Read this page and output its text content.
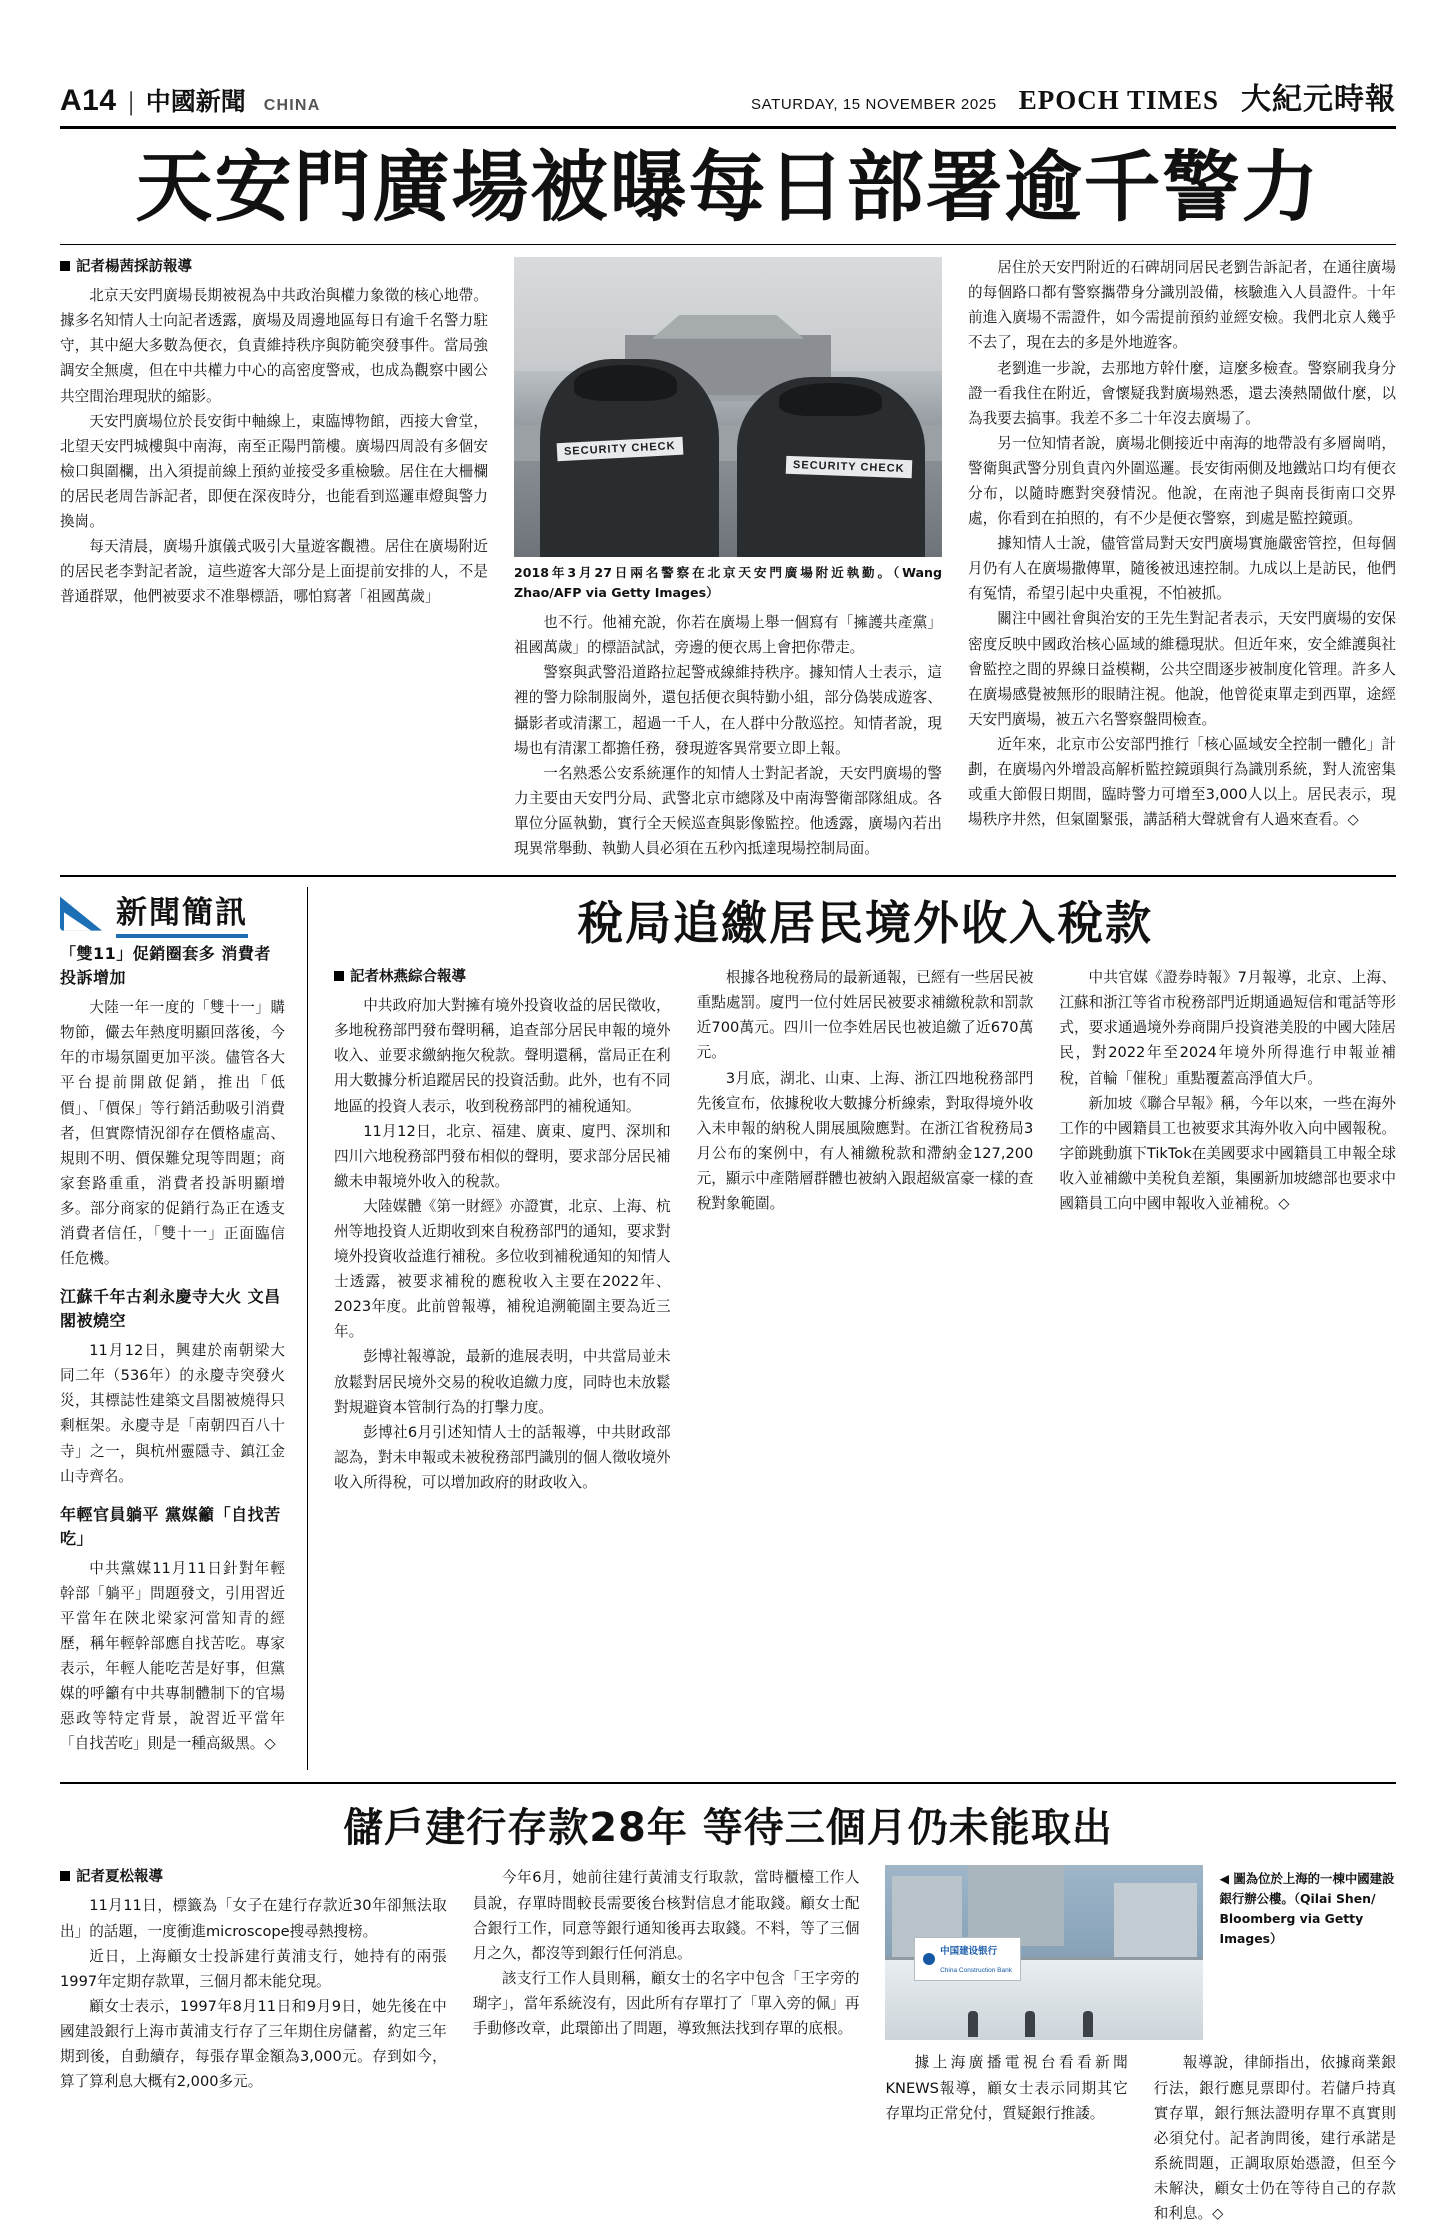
A14 | 中國新聞 CHINA	SATURDAY, 15 NOVEMBER 2025 EPOCH TIMES 大紀元時報
天安門廣場被曝每日部署逾千警力
記者楊茜採訪報導

北京天安門廣場長期被視為中共政治與權力象徵的核心地帶。據多名知情人士向記者透露，廣場及周邊地區每日有逾千名警力駐守，其中絕大多數為便衣，負責維持秩序與防範突發事件。當局強調安全無虞，但在中共權力中心的高密度警戒，也成為觀察中國公共空間治理現狀的縮影。

天安門廣場位於長安街中軸線上，東臨博物館，西接大會堂，北望天安門城樓與中南海，南至正陽門箭樓。廣場四周設有多個安檢口與圍欄，出入須提前線上預約並接受多重檢驗。居住在大柵欄的居民老周告訴記者，即便在深夜時分，也能看到巡邏車燈與警力換崗。

每天清晨，廣場升旗儀式吸引大量遊客觀禮。居住在廣場附近的居民老李對記者說，這些遊客大部分是上面提前安排的人，不是普通群眾，他們被要求不准舉標語，哪怕寫著「祖國萬歲」

SECURITY CHECK
SECURITY CHECK
2018年3月27日兩名警察在北京天安門廣場附近執勤。（Wang Zhao/AFP via Getty Images）

也不行。他補充說，你若在廣場上舉一個寫有「擁護共產黨」祖國萬歲」的標語試試，旁邊的便衣馬上會把你帶走。

警察與武警沿道路拉起警戒線維持秩序。據知情人士表示，這裡的警力除制服崗外，還包括便衣與特勤小組，部分偽裝成遊客、攝影者或清潔工，超過一千人，在人群中分散巡控。知情者說，現場也有清潔工都擔任務，發現遊客異常要立即上報。

一名熟悉公安系統運作的知情人士對記者說，天安門廣場的警力主要由天安門分局、武警北京市總隊及中南海警衛部隊組成。各單位分區執勤，實行全天候巡查與影像監控。他透露，廣場內若出現異常舉動、執勤人員必須在五秒內抵達現場控制局面。

居住於天安門附近的石碑胡同居民老劉告訴記者，在通往廣場的每個路口都有警察攜帶身分識別設備，核驗進入人員證件。十年前進入廣場不需證件，如今需提前預約並經安檢。我們北京人幾乎不去了，現在去的多是外地遊客。

老劉進一步說，去那地方幹什麼，這麼多檢查。警察刷我身分證一看我住在附近，會懷疑我對廣場熟悉，還去湊熱鬧做什麼，以為我要去搞事。我差不多二十年沒去廣場了。

另一位知情者說，廣場北側接近中南海的地帶設有多層崗哨，警衛與武警分別負責內外圍巡邏。長安街兩側及地鐵站口均有便衣分布，以隨時應對突發情況。他說，在南池子與南長街南口交界處，你看到在拍照的，有不少是便衣警察，到處是監控鏡頭。

據知情人士說，儘管當局對天安門廣場實施嚴密管控，但每個月仍有人在廣場撒傳單，隨後被迅速控制。九成以上是訪民，他們有冤情，希望引起中央重視，不怕被抓。

關注中國社會與治安的王先生對記者表示，天安門廣場的安保密度反映中國政治核心區域的維穩現狀。但近年來，安全維護與社會監控之間的界線日益模糊，公共空間逐步被制度化管理。許多人在廣場感覺被無形的眼睛注視。他說，他曾從東單走到西單，途經天安門廣場，被五六名警察盤問檢查。

近年來，北京市公安部門推行「核心區域安全控制一體化」計劃，在廣場內外增設高解析監控鏡頭與行為識別系統，對人流密集或重大節假日期間，臨時警力可增至3,000人以上。居民表示，現場秩序井然，但氣圍緊張，講話稍大聲就會有人過來查看。◇

新聞簡訊
「雙11」促銷圈套多 消費者投訴增加

大陸一年一度的「雙十一」購物節，儼去年熱度明顯回落後，今年的市場氛圍更加平淡。儘管各大平台提前開啟促銷，推出「低價」、「價保」等行銷活動吸引消費者，但實際情況卻存在價格虛高、規則不明、價保難兌現等問題；商家套路重重，消費者投訴明顯增多。部分商家的促銷行為正在透支消費者信任，「雙十一」正面臨信任危機。

江蘇千年古剎永慶寺大火 文昌閣被燒空

11月12日，興建於南朝梁大同二年（536年）的永慶寺突發火災，其標誌性建築文昌閣被燒得只剩框架。永慶寺是「南朝四百八十寺」之一，與杭州靈隱寺、鎮江金山寺齊名。

年輕官員躺平 黨媒籲「自找苦吃」

中共黨媒11月11日針對年輕幹部「躺平」問題發文，引用習近平當年在陝北梁家河當知青的經歷，稱年輕幹部應自找苦吃。專家表示，年輕人能吃苦是好事，但黨媒的呼籲有中共專制體制下的官場惡政等特定背景，說習近平當年「自找苦吃」則是一種高級黑。◇

稅局追繳居民境外收入稅款
記者林燕綜合報導

中共政府加大對擁有境外投資收益的居民徵收，多地稅務部門發布聲明稱，追查部分居民申報的境外收入、並要求繳納拖欠稅款。聲明還稱，當局正在利用大數據分析追蹤居民的投資活動。此外，也有不同地區的投資人表示，收到稅務部門的補稅通知。

11月12日，北京、福建、廣東、廈門、深圳和四川六地稅務部門發布相似的聲明，要求部分居民補繳未申報境外收入的稅款。

大陸媒體《第一財經》亦證實，北京、上海、杭州等地投資人近期收到來自稅務部門的通知，要求對境外投資收益進行補稅。多位收到補稅通知的知情人士透露，被要求補稅的應稅收入主要在2022年、2023年度。此前曾報導，補稅追溯範圍主要為近三年。

彭博社報導說，最新的進展表明，中共當局並未放鬆對居民境外交易的稅收追繳力度，同時也未放鬆對規避資本管制行為的打擊力度。

彭博社6月引述知情人士的話報導，中共財政部認為，對未申報或未被稅務部門識別的個人徵收境外收入所得稅，可以增加政府的財政收入。

根據各地稅務局的最新通報，已經有一些居民被重點處罰。廈門一位付姓居民被要求補繳稅款和罰款近700萬元。四川一位李姓居民也被追繳了近670萬元。

3月底，湖北、山東、上海、浙江四地稅務部門先後宣布，依據稅收大數據分析線索，對取得境外收入未申報的納稅人開展風險應對。在浙江省稅務局3月公布的案例中，有人補繳稅款和滯納金127,200元，顯示中產階層群體也被納入跟超級富豪一樣的查稅對象範圍。

中共官媒《證券時報》7月報導，北京、上海、江蘇和浙江等省市稅務部門近期通過短信和電話等形式，要求通過境外券商開戶投資港美股的中國大陸居民，對2022年至2024年境外所得進行申報並補稅，首輪「催稅」重點覆蓋高淨值大戶。

新加坡《聯合早報》稱，今年以來，一些在海外工作的中國籍員工也被要求其海外收入向中國報稅。字節跳動旗下TikTok在美國要求中國籍員工申報全球收入並補繳中美稅負差額，集團新加坡總部也要求中國籍員工向中國申報收入並補稅。◇

儲戶建行存款28年 等待三個月仍未能取出
記者夏松報導

11月11日，標籤為「女子在建行存款近30年卻無法取出」的話題，一度衝進microscope搜尋熱搜榜。

近日，上海顧女士投訴建行黃浦支行，她持有的兩張1997年定期存款單，三個月都未能兌現。

顧女士表示，1997年8月11日和9月9日，她先後在中國建設銀行上海市黃浦支行存了三年期住房儲蓄，約定三年期到後，自動續存，每張存單金額為3,000元。存到如今，算了算利息大概有2,000多元。

今年6月，她前往建行黃浦支行取款，當時櫃檯工作人員說，存單時間較長需要後台核對信息才能取錢。顧女士配合銀行工作，同意等銀行通知後再去取錢。不料，等了三個月之久，都沒等到銀行任何消息。

該支行工作人員則稱，顧女士的名字中包含「王字旁的瑚字」，當年系統沒有，因此所有存單打了「單入旁的佩」再手動修改章，此環節出了問題，導致無法找到存單的底根。

中国建设银行
China Construction Bank
◀ 圖為位於上海的一棟中國建設銀行辦公樓。（Qilai Shen/ Bloomberg via Getty Images）

據上海廣播電視台看看新聞KNEWS報導，顧女士表示同期其它存單均正常兌付，質疑銀行推諉。

報導說，律師指出，依據商業銀行法，銀行應見票即付。若儲戶持真實存單，銀行無法證明存單不真實則必須兌付。記者詢問後，建行承諾是系統問題，正調取原始憑證，但至今未解決，顧女士仍在等待自己的存款和利息。◇
